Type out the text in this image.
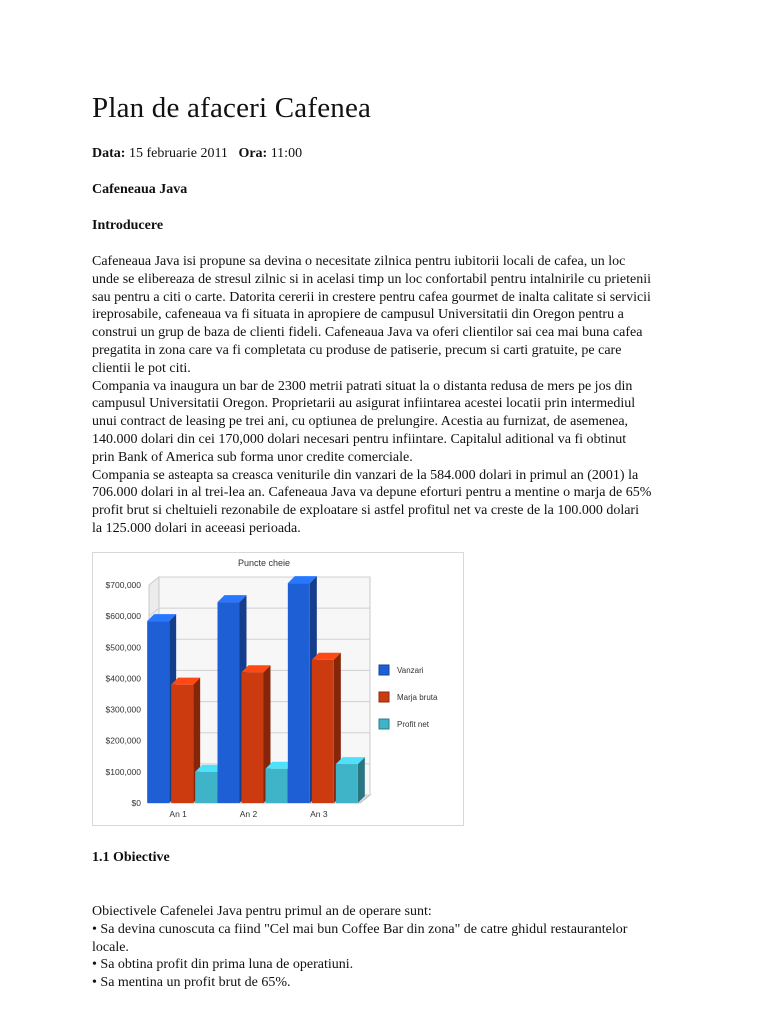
Plan de afaceri Cafenea
Data: 15 februarie 2011 Ora: 11:00
Cafeneaua Java
Introducere

Cafeneaua Java isi propune sa devina o necesitate zilnica pentru iubitorii locali de cafea, un loc unde se elibereaza de stresul zilnic si in acelasi timp un loc confortabil pentru intalnirile cu prietenii sau pentru a citi o carte. Datorita cererii in crestere pentru cafea gourmet de inalta calitate si servicii ireprosabile, cafeneaua va fi situata in apropiere de campusul Universitatii din Oregon pentru a construi un grup de baza de clienti fideli. Cafeneaua Java va oferi clientilor sai cea mai buna cafea pregatita in zona care va fi completata cu produse de patiserie, precum si carti gratuite, pe care clientii le pot citi.

Compania va inaugura un bar de 2300 metrii patrati situat la o distanta redusa de mers pe jos din campusul Universitatii Oregon. Proprietarii au asigurat infiintarea acestei locatii prin intermediul unui contract de leasing pe trei ani, cu optiunea de prelungire. Acestia au furnizat, de asemenea, 140.000 dolari din cei 170,000 dolari necesari pentru infiintare. Capitalul aditional va fi obtinut prin Bank of America sub forma unor credite comerciale.

Compania se asteapta sa creasca veniturile din vanzari de la 584.000 dolari in primul an (2001) la 706.000 dolari in al trei-lea an. Cafeneaua Java va depune eforturi pentru a mentine o marja de 65% profit brut si cheltuieli rezonabile de exploatare si astfel profitul net va creste de la 100.000 dolari la 125.000 dolari in aceeasi perioada.

1.1 Obiective
Obiectivele Cafenelei Java pentru primul an de operare sunt:
• Sa devina cunoscuta ca fiind "Cel mai bun Coffee Bar din zona" de catre ghidul restaurantelor locale.
• Sa obtina profit din prima luna de operatiuni.
• Sa mentina un profit brut de 65%.
$0
$100,000
$200,000
$300,000
$400,000
$500,000
$600,000
$700,000
Puncte cheie
An 1	An 2	An 3
Vanzari
Marja bruta
Profit net
